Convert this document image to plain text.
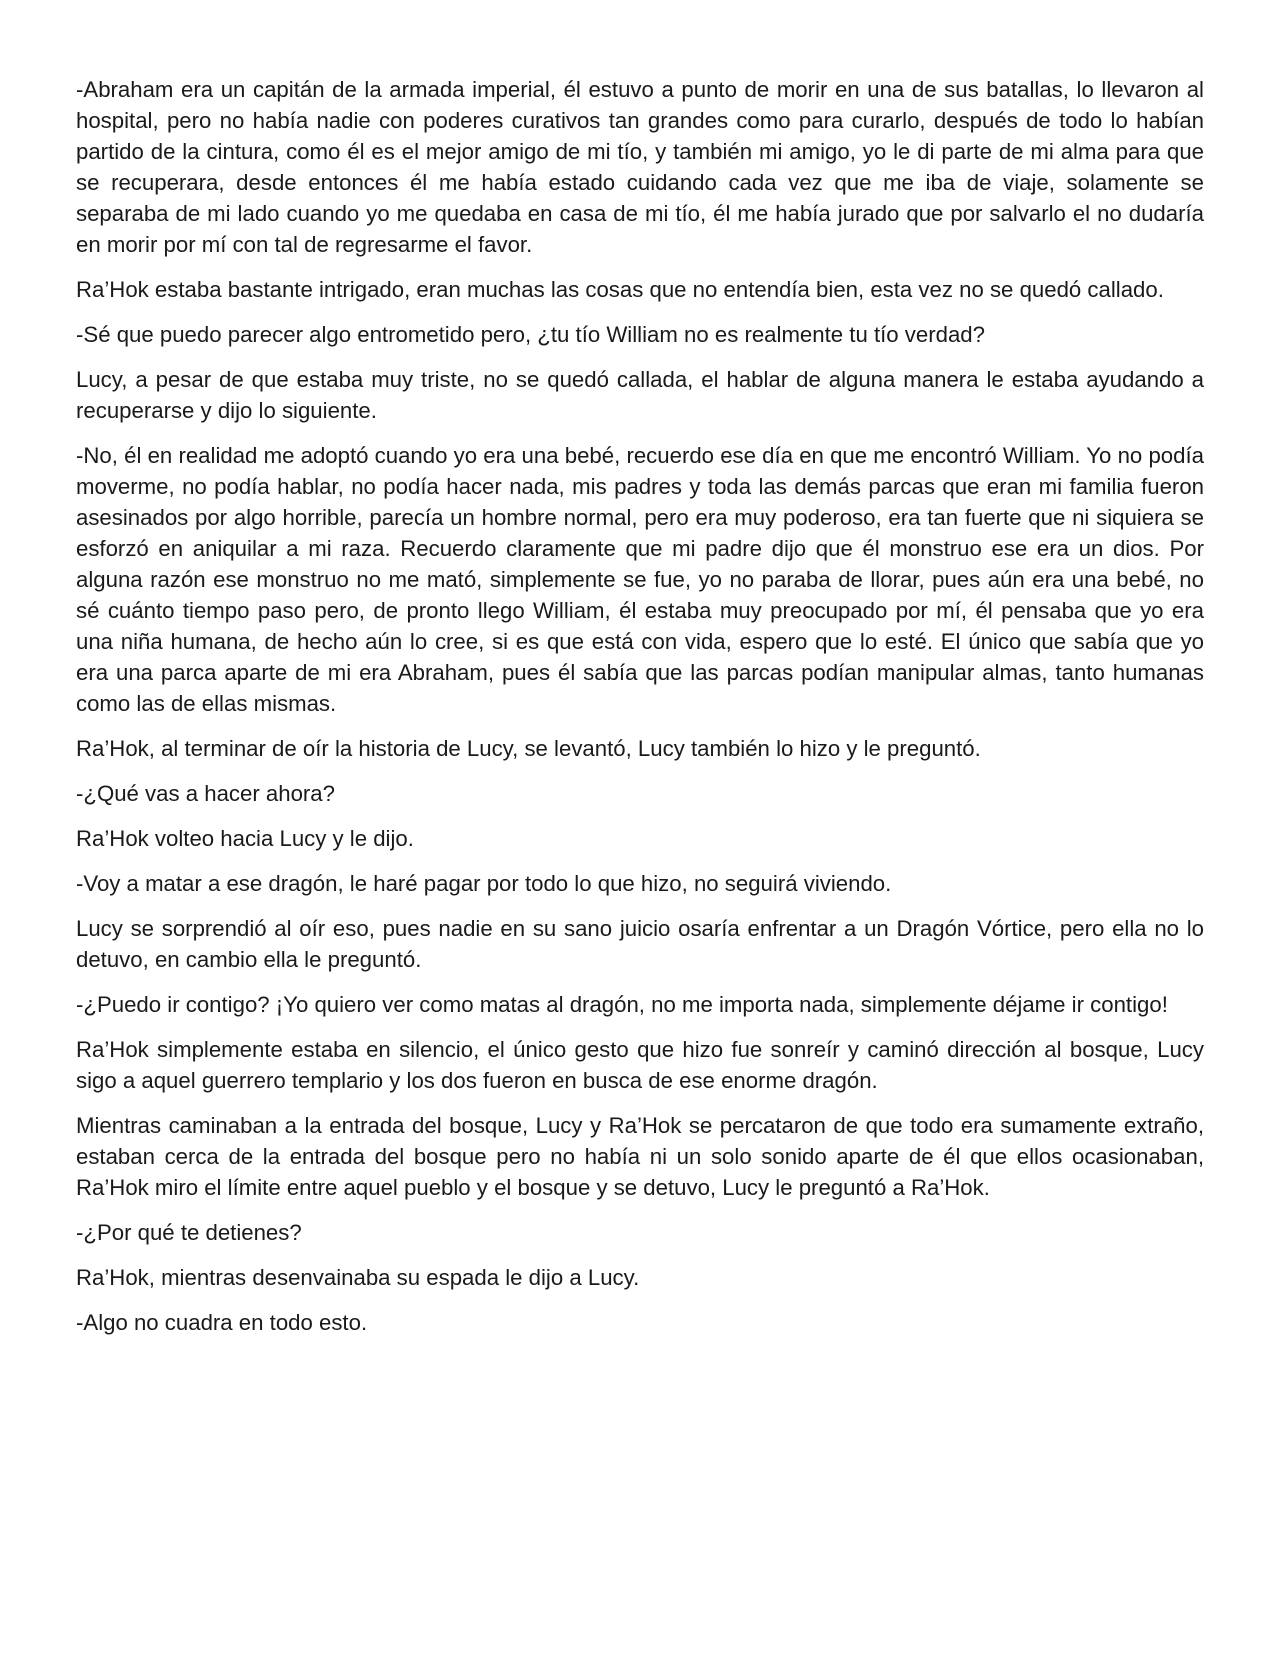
-Abraham era un capitán de la armada imperial, él estuvo a punto de morir en una de sus batallas, lo llevaron al hospital, pero no había nadie con poderes curativos tan grandes como para curarlo, después de todo lo habían partido de la cintura, como él es el mejor amigo de mi tío, y también mi amigo, yo le di parte de mi alma para que se recuperara, desde entonces él me había estado cuidando cada vez que me iba de viaje, solamente se separaba de mi lado cuando yo me quedaba en casa de mi tío, él me había jurado que por salvarlo el no dudaría en morir por mí con tal de regresarme el favor.

Ra’Hok estaba bastante intrigado, eran muchas las cosas que no entendía bien, esta vez no se quedó callado.

-Sé que puedo parecer algo entrometido pero, ¿tu tío William no es realmente tu tío verdad?

Lucy, a pesar de que estaba muy triste, no se quedó callada, el hablar de alguna manera le estaba ayudando a recuperarse y dijo lo siguiente.

-No, él en realidad me adoptó cuando yo era una bebé, recuerdo ese día en que me encontró William. Yo no podía moverme, no podía hablar, no podía hacer nada, mis padres y toda las demás parcas que eran mi familia fueron asesinados por algo horrible, parecía un hombre normal, pero era muy poderoso, era tan fuerte que ni siquiera se esforzó en aniquilar a mi raza. Recuerdo claramente que mi padre dijo que él monstruo ese era un dios. Por alguna razón ese monstruo no me mató, simplemente se fue, yo no paraba de llorar, pues aún era una bebé, no sé cuánto tiempo paso pero, de pronto llego William, él estaba muy preocupado por mí, él pensaba que yo era una niña humana, de hecho aún lo cree, si es que está con vida, espero que lo esté. El único que sabía que yo era una parca aparte de mi era Abraham, pues él sabía que las parcas podían manipular almas, tanto humanas como las de ellas mismas.

Ra’Hok, al terminar de oír la historia de Lucy, se levantó, Lucy también lo hizo y le preguntó.

-¿Qué vas a hacer ahora?

Ra’Hok volteo hacia Lucy y le dijo.

-Voy a matar a ese dragón, le haré pagar por todo lo que hizo, no seguirá viviendo.

Lucy se sorprendió al oír eso, pues nadie en su sano juicio osaría enfrentar a un Dragón Vórtice, pero ella no lo detuvo, en cambio ella le preguntó.

-¿Puedo ir contigo? ¡Yo quiero ver como matas al dragón, no me importa nada, simplemente déjame ir contigo!

Ra’Hok simplemente estaba en silencio, el único gesto que hizo fue sonreír y caminó dirección al bosque, Lucy sigo a aquel guerrero templario y los dos fueron en busca de ese enorme dragón.

Mientras caminaban a la entrada del bosque, Lucy y Ra’Hok se percataron de que todo era sumamente extraño, estaban cerca de la entrada del bosque pero no había ni un solo sonido aparte de él que ellos ocasionaban, Ra’Hok miro el límite entre aquel pueblo y el bosque y se detuvo, Lucy le preguntó a Ra’Hok.

-¿Por qué te detienes?

Ra’Hok, mientras desenvainaba su espada le dijo a Lucy.

-Algo no cuadra en todo esto.
